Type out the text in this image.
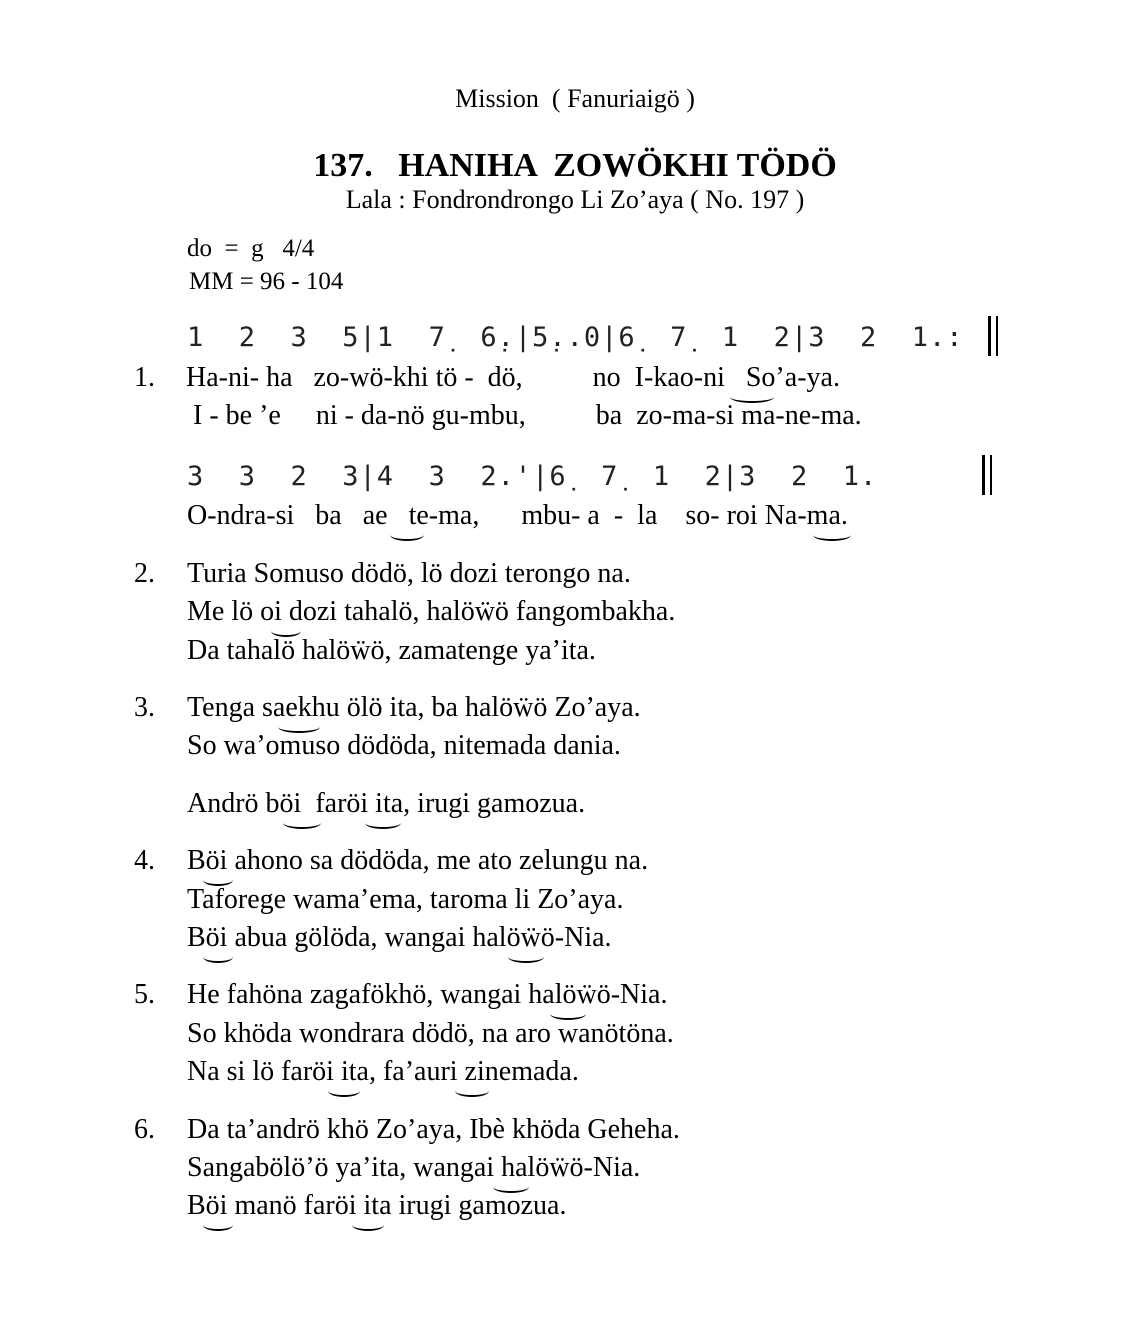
Mission  ( Fanuriaigö )
137.   HANIHA  ZOWÖKHI TÖDÖ
Lala : Fondrondrongo Li Zo’aya ( No. 197 )
do  =  g   4/4
MM = 96 - 104
1  2  3  5|1  7̣  6̣.|5̣..0|6̣  7̣  1  2|3  2  1.:
1. Ha-ni- ha   zo-wö-khi tö -  dö,          no  I-kao-ni   So’a-ya.
I - be ’e     ni - da-nö gu-mbu,          ba  zo-ma-si ma-ne-ma.
3  3  2  3|4  3  2.'|6̣  7̣  1  2|3  2  1.
O-ndra-si   ba   ae   te-ma,      mbu- a  -  la    so- roi Na-ma.
2. Turia Somuso dödö, lö dozi terongo na.
Me lö oi dozi tahalö, halöẅö fangombakha.
Da tahalö halöẅö, zamatenge ya’ita.
3. Tenga saekhu ölö ita, ba halöẅö Zo’aya.
So wa’omuso dödöda, nitemada dania.
Andrö böi  faröi ita, irugi gamozua.
4. Böi ahono sa dödöda, me ato zelungu na.
Taforege wama’ema, taroma li Zo’aya.
Böi abua gölöda, wangai halöẅö-Nia.
5. He fahöna zagafökhö, wangai halöẅö-Nia.
So khöda wondrara dödö, na aro wanötöna.
Na si lö faröi ita, fa’auri zinemada.
6. Da ta’andrö khö Zo’aya, Ibè khöda Geheha.
Sangabölö’ö ya’ita, wangai halöẅö-Nia.
Böi manö faröi ita irugi gamozua.
